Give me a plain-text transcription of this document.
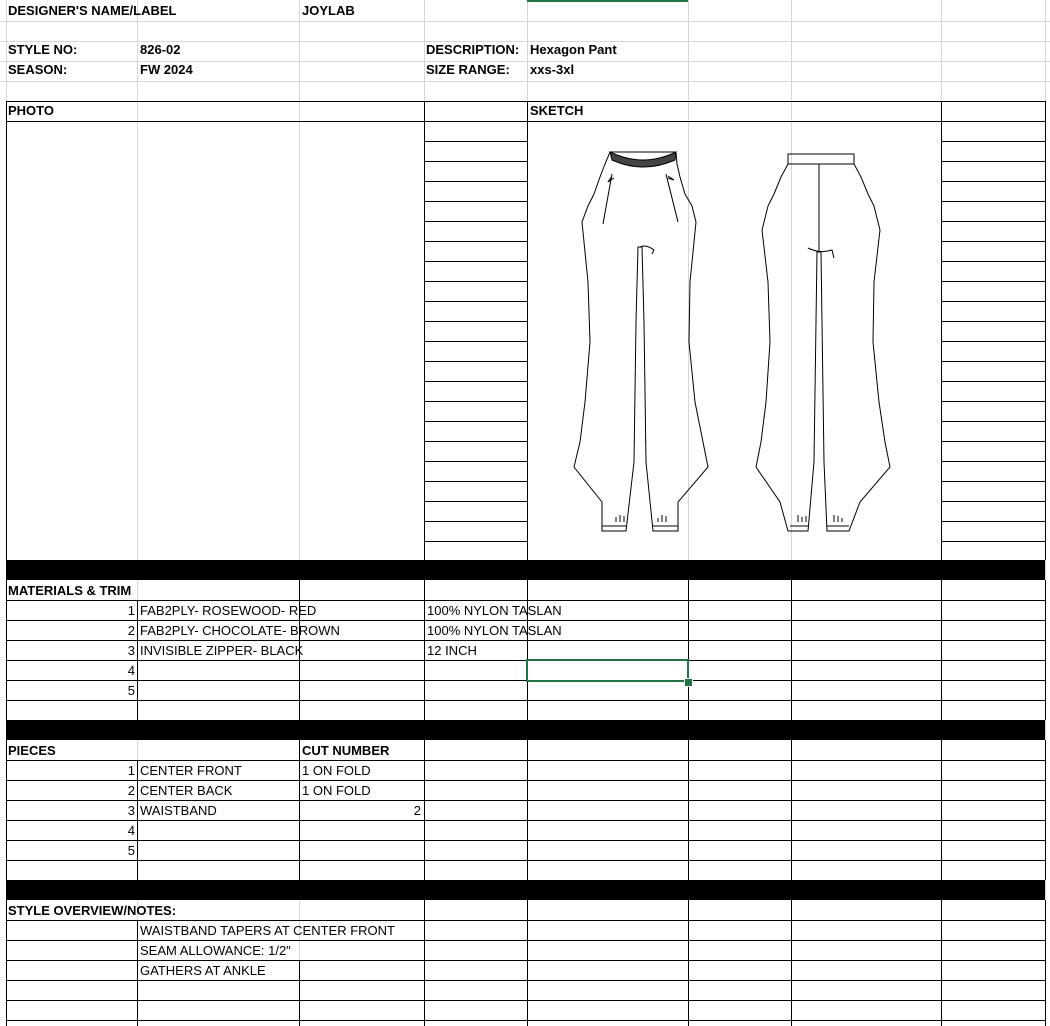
DESIGNER'S NAME/LABEL	JOYLAB
STYLE NO:	826-02
SEASON:	FW 2024
DESCRIPTION: Hexagon Pant
SIZE RANGE: xxs-3xl
PHOTO	SKETCH
MATERIALS & TRIM
1 FAB2PLY- ROSEWOOD- RED	100% NYLON TASLAN
2 FAB2PLY- CHOCOLATE- BROWN	100% NYLON TASLAN
3 INVISIBLE ZIPPER- BLACK	12 INCH
4
5
PIECES	CUT NUMBER
1 CENTER FRONT	1 ON FOLD
2 CENTER BACK	1 ON FOLD
3 WAISTBAND	2
4
5
STYLE OVERVIEW/NOTES:
WAISTBAND TAPERS AT CENTER FRONT
SEAM ALLOWANCE: 1/2"
GATHERS AT ANKLE
